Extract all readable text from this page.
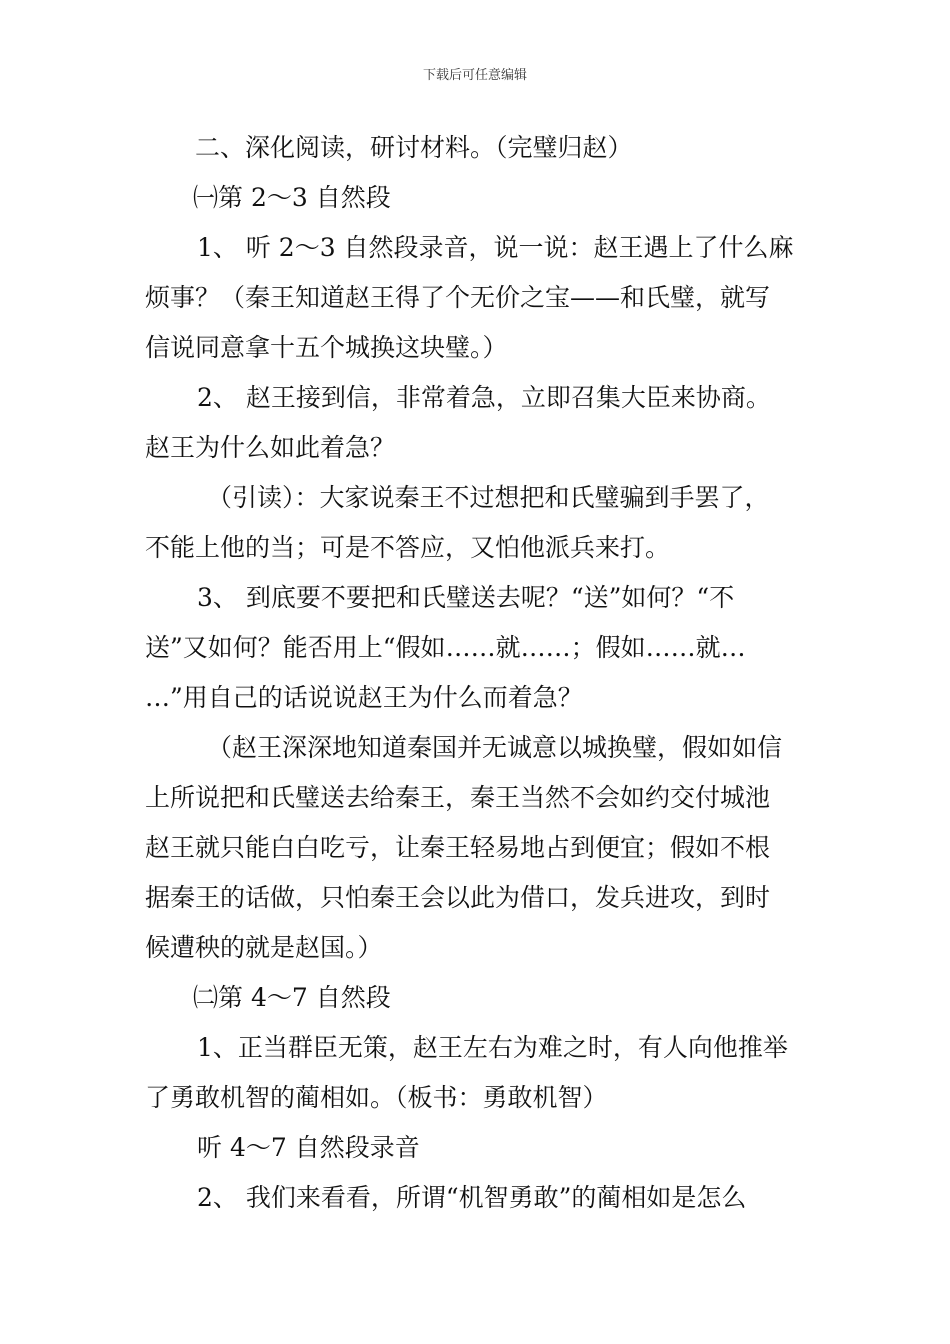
下载后可任意编辑
二、深化阅读，研讨材料。（完璧归赵）
㈠第 2～3 自然段
1、 听 2～3 自然段录音，说一说：赵王遇上了什么麻
烦事？（秦王知道赵王得了个无价之宝——和氏璧，就写
信说同意拿十五个城换这块璧。）
2、 赵王接到信，非常着急，立即召集大臣来协商。
赵王为什么如此着急？
（引读）：大家说秦王不过想把和氏璧骗到手罢了，
不能上他的当；可是不答应，又怕他派兵来打。
3、 到底要不要把和氏璧送去呢？“送”如何？“不
送”又如何？能否用上“假如……就……；假如……就…
…”用自己的话说说赵王为什么而着急？
（赵王深深地知道秦国并无诚意以城换璧，假如如信
上所说把和氏璧送去给秦王，秦王当然不会如约交付城池
赵王就只能白白吃亏，让秦王轻易地占到便宜；假如不根
据秦王的话做，只怕秦王会以此为借口，发兵进攻，到时
候遭秧的就是赵国。）
㈡第 4～7 自然段
1、正当群臣无策，赵王左右为难之时，有人向他推举
了勇敢机智的蔺相如。（板书：勇敢机智）
听 4～7 自然段录音
2、 我们来看看，所谓“机智勇敢”的蔺相如是怎么
